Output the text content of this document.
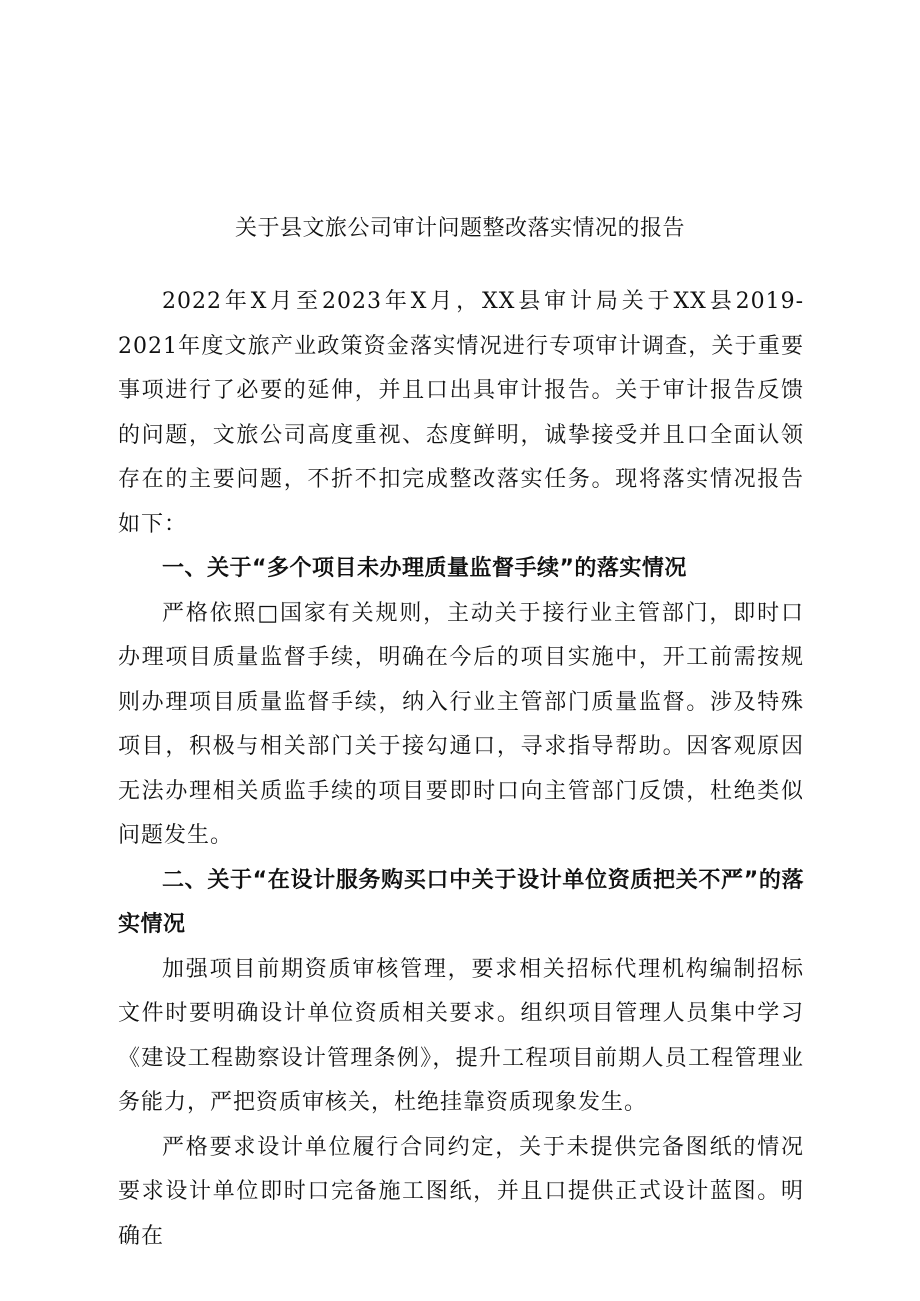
关于县文旅公司审计问题整改落实情况的报告

2022年X月至2023年X月，XX县审计局关于XX县2019-2021年度文旅产业政策资金落实情况进行专项审计调查，关于重要事项进行了必要的延伸，并且口出具审计报告。关于审计报告反馈的问题，文旅公司高度重视、态度鲜明，诚挚接受并且口全面认领存在的主要问题，不折不扣完成整改落实任务。现将落实情况报告如下：

一、关于“多个项目未办理质量监督手续”的落实情况

严格依照□国家有关规则，主动关于接行业主管部门，即时口办理项目质量监督手续，明确在今后的项目实施中，开工前需按规则办理项目质量监督手续，纳入行业主管部门质量监督。涉及特殊项目，积极与相关部门关于接勾通口，寻求指导帮助。因客观原因无法办理相关质监手续的项目要即时口向主管部门反馈，杜绝类似问题发生。

二、关于“在设计服务购买口中关于设计单位资质把关不严”的落实情况

加强项目前期资质审核管理，要求相关招标代理机构编制招标文件时要明确设计单位资质相关要求。组织项目管理人员集中学习《建设工程勘察设计管理条例》，提升工程项目前期人员工程管理业务能力，严把资质审核关，杜绝挂靠资质现象发生。

严格要求设计单位履行合同约定，关于未提供完备图纸的情况要求设计单位即时口完备施工图纸，并且口提供正式设计蓝图。明确在
